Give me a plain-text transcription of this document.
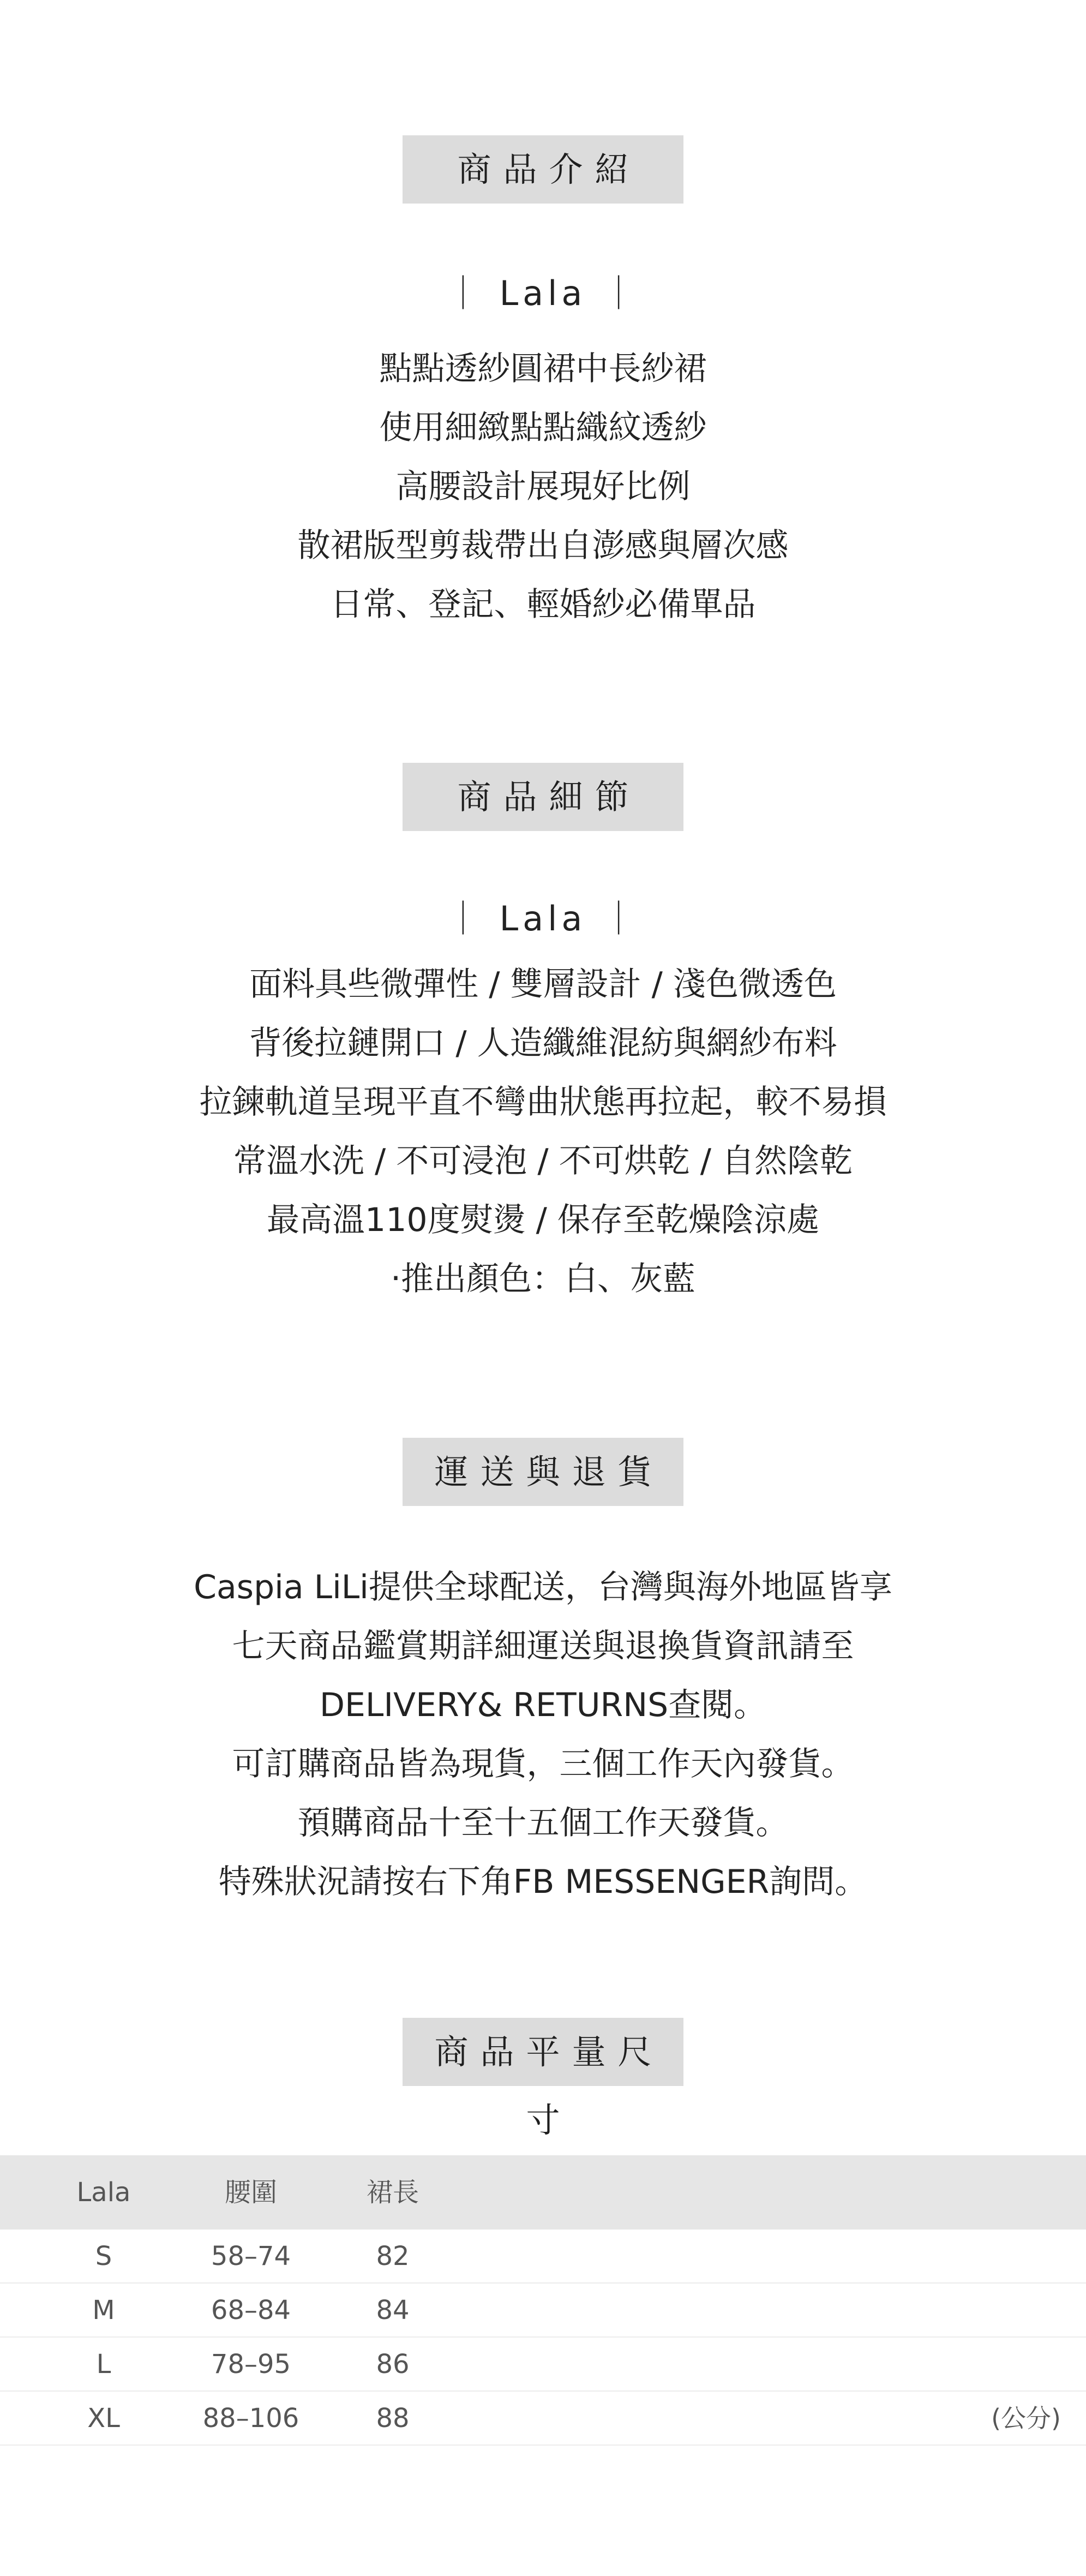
商品介紹
｜ Lala ｜
點點透紗圓裙中長紗裙
使用細緻點點織紋透紗
高腰設計展現好比例
散裙版型剪裁帶出自澎感與層次感
日常、登記、輕婚紗必備單品
商品細節
｜ Lala ｜
面料具些微彈性 / 雙層設計 / 淺色微透色
背後拉鏈開口 / 人造纖維混紡與網紗布料
拉鍊軌道呈現平直不彎曲狀態再拉起，較不易損
常溫水洗 / 不可浸泡 / 不可烘乾 / 自然陰乾
最高溫110度熨燙 / 保存至乾燥陰涼處
‧推出顏色：白、灰藍
運送與退貨
Caspia LiLi提供全球配送，台灣與海外地區皆享
七天商品鑑賞期詳細運送與退換貨資訊請至
DELIVERY& RETURNS查閱。
可訂購商品皆為現貨，三個工作天內發貨。
預購商品十至十五個工作天發貨。
特殊狀況請按右下角FB MESSENGER詢問。
商品平量尺寸
Lala	腰圍	裙長
S	58–74	82
M	68–84	84
L	78–95	86
XL	88–106	88	(公分)
